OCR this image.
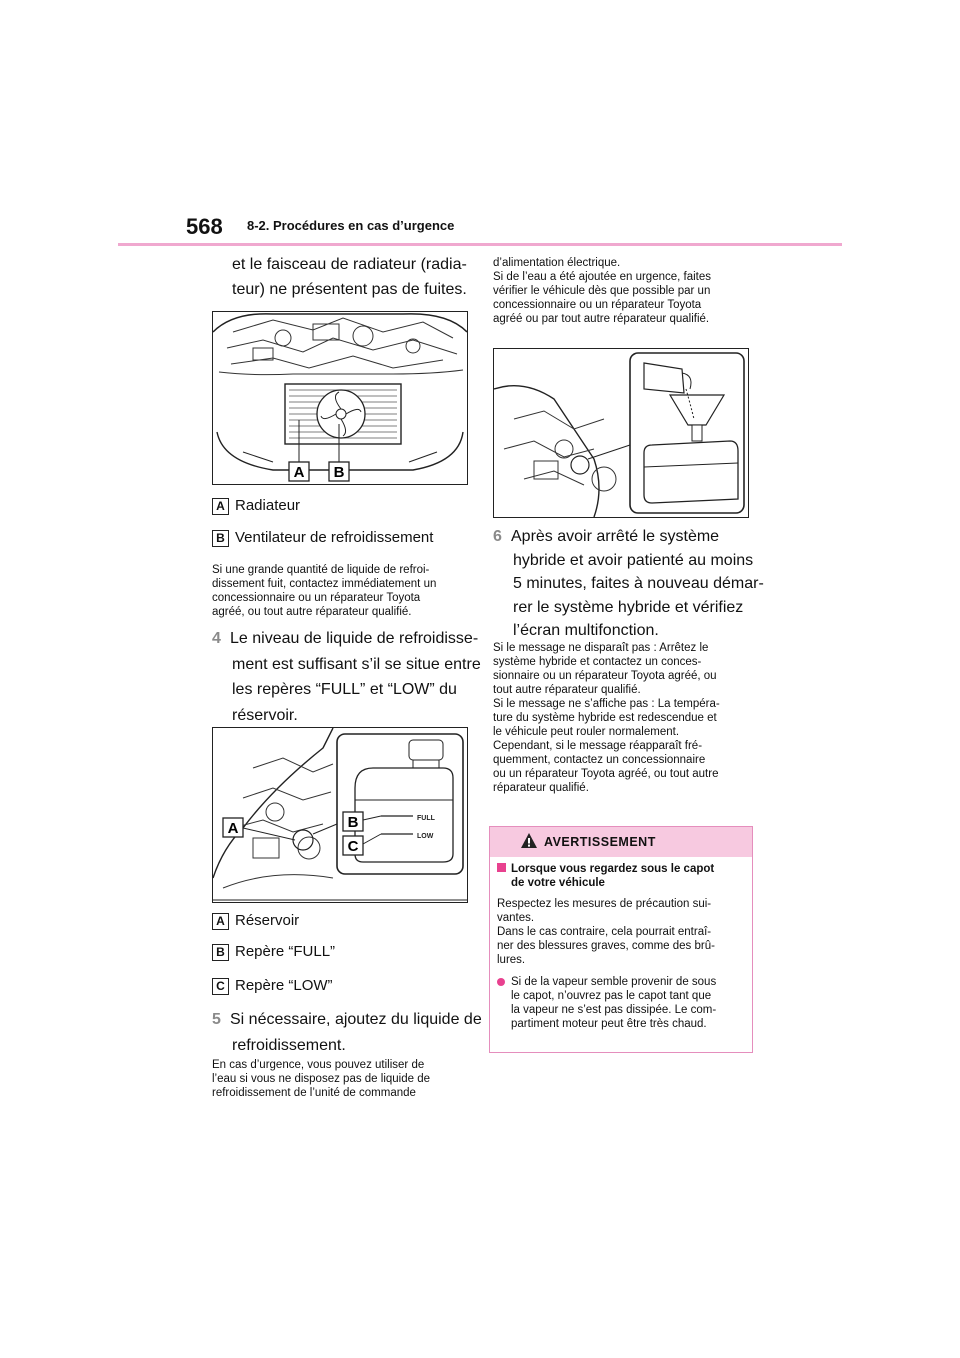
568 8-2. Procédures en cas d’urgence
et le faisceau de radiateur (radia-
teur) ne présentent pas de fuites.
A B
A Radiateur
B Ventilateur de refroidissement
Si une grande quantité de liquide de refroi-
dissement fuit, contactez immédiatement un
concessionnaire ou un réparateur Toyota
agréé, ou tout autre réparateur qualifié.
4 Le niveau de liquide de refroidisse-
ment est suffisant s’il se situe entre
les repères “FULL” et “LOW” du
réservoir.
FULL
LOW
A	B
C
A Réservoir
B Repère “FULL”
C Repère “LOW”
5 Si nécessaire, ajoutez du liquide de
refroidissement.
En cas d’urgence, vous pouvez utiliser de
l’eau si vous ne disposez pas de liquide de
refroidissement de l’unité de commande
d’alimentation électrique.
Si de l’eau a été ajoutée en urgence, faites
vérifier le véhicule dès que possible par un
concessionnaire ou un réparateur Toyota
agréé ou par tout autre réparateur qualifié.
6 Après avoir arrêté le système
hybride et avoir patienté au moins
5 minutes, faites à nouveau démar-
rer le système hybride et vérifiez
l’écran multifonction.
Si le message ne disparaît pas : Arrêtez le
système hybride et contactez un conces-
sionnaire ou un réparateur Toyota agréé, ou
tout autre réparateur qualifié.
Si le message ne s’affiche pas : La tempéra-
ture du système hybride est redescendue et
le véhicule peut rouler normalement.
Cependant, si le message réapparaît fré-
quemment, contactez un concessionnaire
ou un réparateur Toyota agréé, ou tout autre
réparateur qualifié.
AVERTISSEMENT
Lorsque vous regardez sous le capot
de votre véhicule
Respectez les mesures de précaution sui-
vantes.
Dans le cas contraire, cela pourrait entraî-
ner des blessures graves, comme des brû-
lures.
Si de la vapeur semble provenir de sous
le capot, n’ouvrez pas le capot tant que
la vapeur ne s’est pas dissipée. Le com-
partiment moteur peut être très chaud.
